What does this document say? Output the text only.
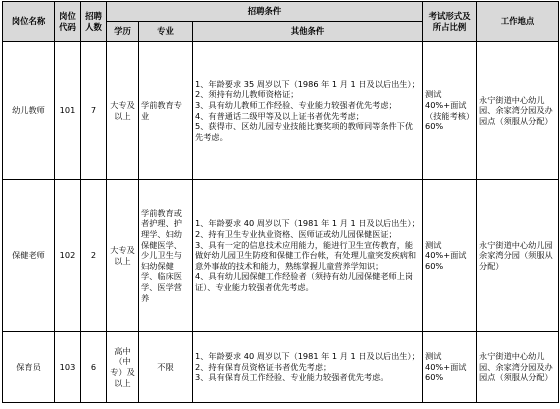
岗位名称	岗位代码	招聘人数	招聘条件			考试形式及所占比例	工作地点
			学历	专业	其他条件		
幼儿教师	101	7	大专及以上	学前教育专业	1、年龄要求 35 周岁以下（1986 年 1 月 1 日及以后出生）；
2、须持有幼儿教师资格证；
3、具有幼儿教师工作经验、专业能力较强者优先考虑；
4、有普通话二级甲等及以上证书者优先考虑；
5、获得市、区幼儿园专业技能比赛奖项的教师同等条件下优先考虑。	测试 40%+面试（技能考核）60%	永宁街道中心幼儿园、余家湾分园及办园点（须服从分配）
保健老师	102	2	大专及以上	学前教育或者护理、护理学、妇幼保健医学、少儿卫生与妇幼保健学、临床医学、医学营养	1、年龄要求 40 周岁以下（1981 年 1 月 1 日及以后出生）；
2、持有卫生专业执业资格、医师证或幼儿园保健医证；
3、具有一定的信息技术应用能力，能进行卫生宣传教育，能做好幼儿园卫生防疫和保健工作台帐，有处理儿童突发疾病和意外事故的技术和能力，熟练掌握儿童营养学知识；
4、具有幼儿园保健工作经验者（须持有幼儿园保健老师上岗证）、专业能力较强者优先考虑。	测试 40%+面试 60%	永宁街道中心幼儿园余家湾分园（须服从分配）
保育员	103	6	高中（中专）及以上	不限	1、年龄要求 40 周岁以下（1981 年 1 月 1 日及以后出生）；
2、持有保育员资格证书者优先考虑；
3、具有保育员工作经验、专业能力较强者优先考虑。	测试 40%+面试 60%	永宁街道中心幼儿园、余家湾分园及办园点（须服从分配）
